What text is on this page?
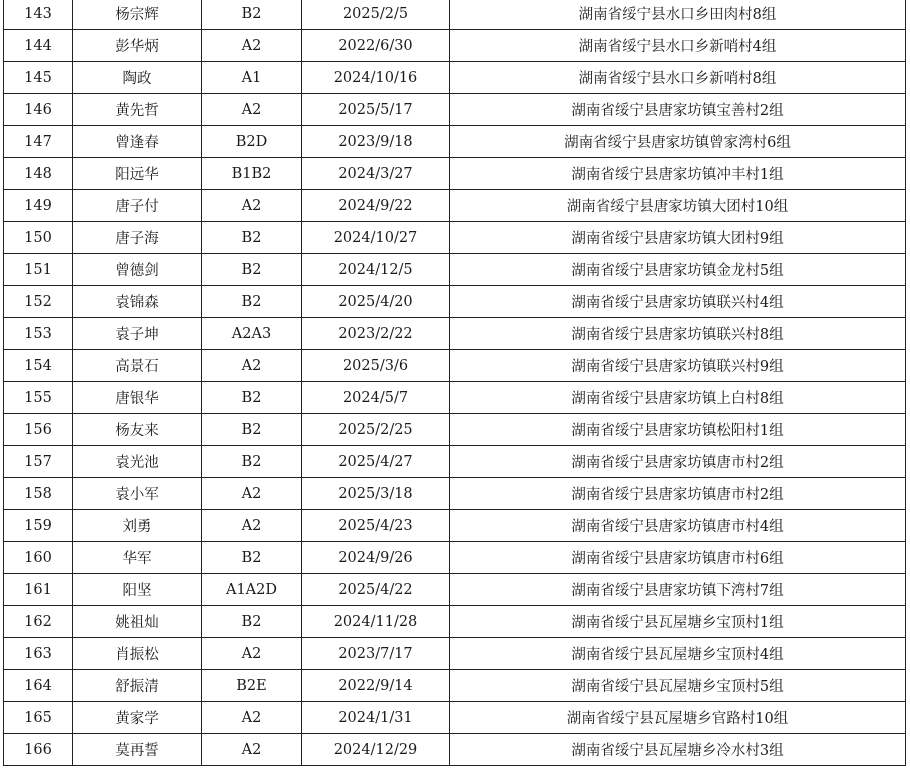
143	杨宗辉	B2	2025/2/5	湖南省绥宁县水口乡田肉村8组
144	彭华炳	A2	2022/6/30	湖南省绥宁县水口乡新哨村4组
145	陶政	A1	2024/10/16	湖南省绥宁县水口乡新哨村8组
146	黄先哲	A2	2025/5/17	湖南省绥宁县唐家坊镇宝善村2组
147	曾逢春	B2D	2023/9/18	湖南省绥宁县唐家坊镇曾家湾村6组
148	阳远华	B1B2	2024/3/27	湖南省绥宁县唐家坊镇冲丰村1组
149	唐子付	A2	2024/9/22	湖南省绥宁县唐家坊镇大团村10组
150	唐子海	B2	2024/10/27	湖南省绥宁县唐家坊镇大团村9组
151	曾德剑	B2	2024/12/5	湖南省绥宁县唐家坊镇金龙村5组
152	袁锦森	B2	2025/4/20	湖南省绥宁县唐家坊镇联兴村4组
153	袁子坤	A2A3	2023/2/22	湖南省绥宁县唐家坊镇联兴村8组
154	高景石	A2	2025/3/6	湖南省绥宁县唐家坊镇联兴村9组
155	唐银华	B2	2024/5/7	湖南省绥宁县唐家坊镇上白村8组
156	杨友来	B2	2025/2/25	湖南省绥宁县唐家坊镇松阳村1组
157	袁光池	B2	2025/4/27	湖南省绥宁县唐家坊镇唐市村2组
158	袁小军	A2	2025/3/18	湖南省绥宁县唐家坊镇唐市村2组
159	刘勇	A2	2025/4/23	湖南省绥宁县唐家坊镇唐市村4组
160	华军	B2	2024/9/26	湖南省绥宁县唐家坊镇唐市村6组
161	阳坚	A1A2D	2025/4/22	湖南省绥宁县唐家坊镇下湾村7组
162	姚祖灿	B2	2024/11/28	湖南省绥宁县瓦屋塘乡宝顶村1组
163	肖振松	A2	2023/7/17	湖南省绥宁县瓦屋塘乡宝顶村4组
164	舒振清	B2E	2022/9/14	湖南省绥宁县瓦屋塘乡宝顶村5组
165	黄家学	A2	2024/1/31	湖南省绥宁县瓦屋塘乡官路村10组
166	莫再誓	A2	2024/12/29	湖南省绥宁县瓦屋塘乡冷水村3组
